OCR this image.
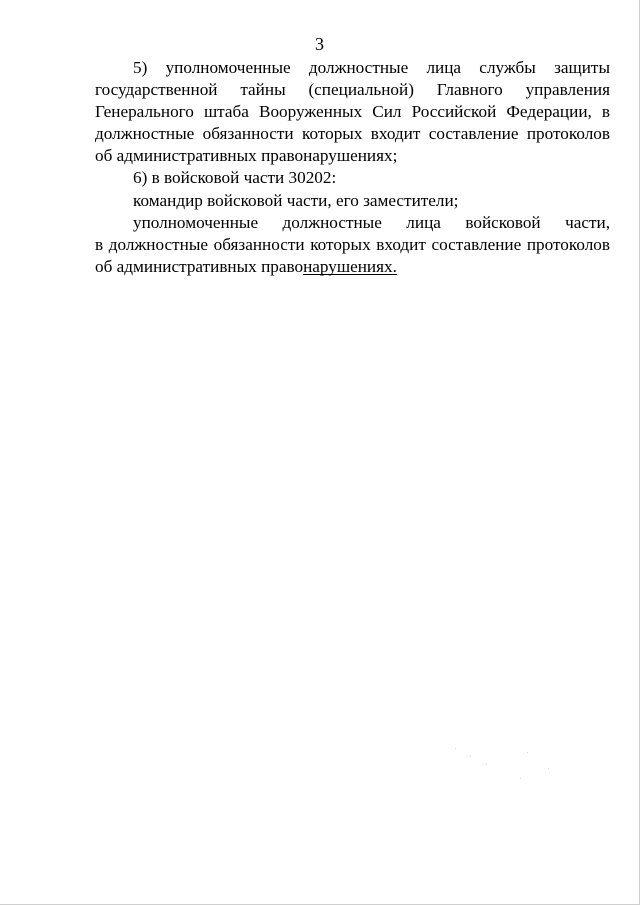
3

5) уполномоченные должностные лица службы защиты государственной тайны (специальной) Главного управления Генерального штаба Вооруженных Сил Российской Федерации, в должностные обязанности которых входит составление протоколов об административных правонарушениях;

6) в войсковой части 30202:

командир войсковой части, его заместители;

уполномоченные должностные лица войсковой части,

в должностные обязанности которых входит составление протоколов об административных правонарушениях.
